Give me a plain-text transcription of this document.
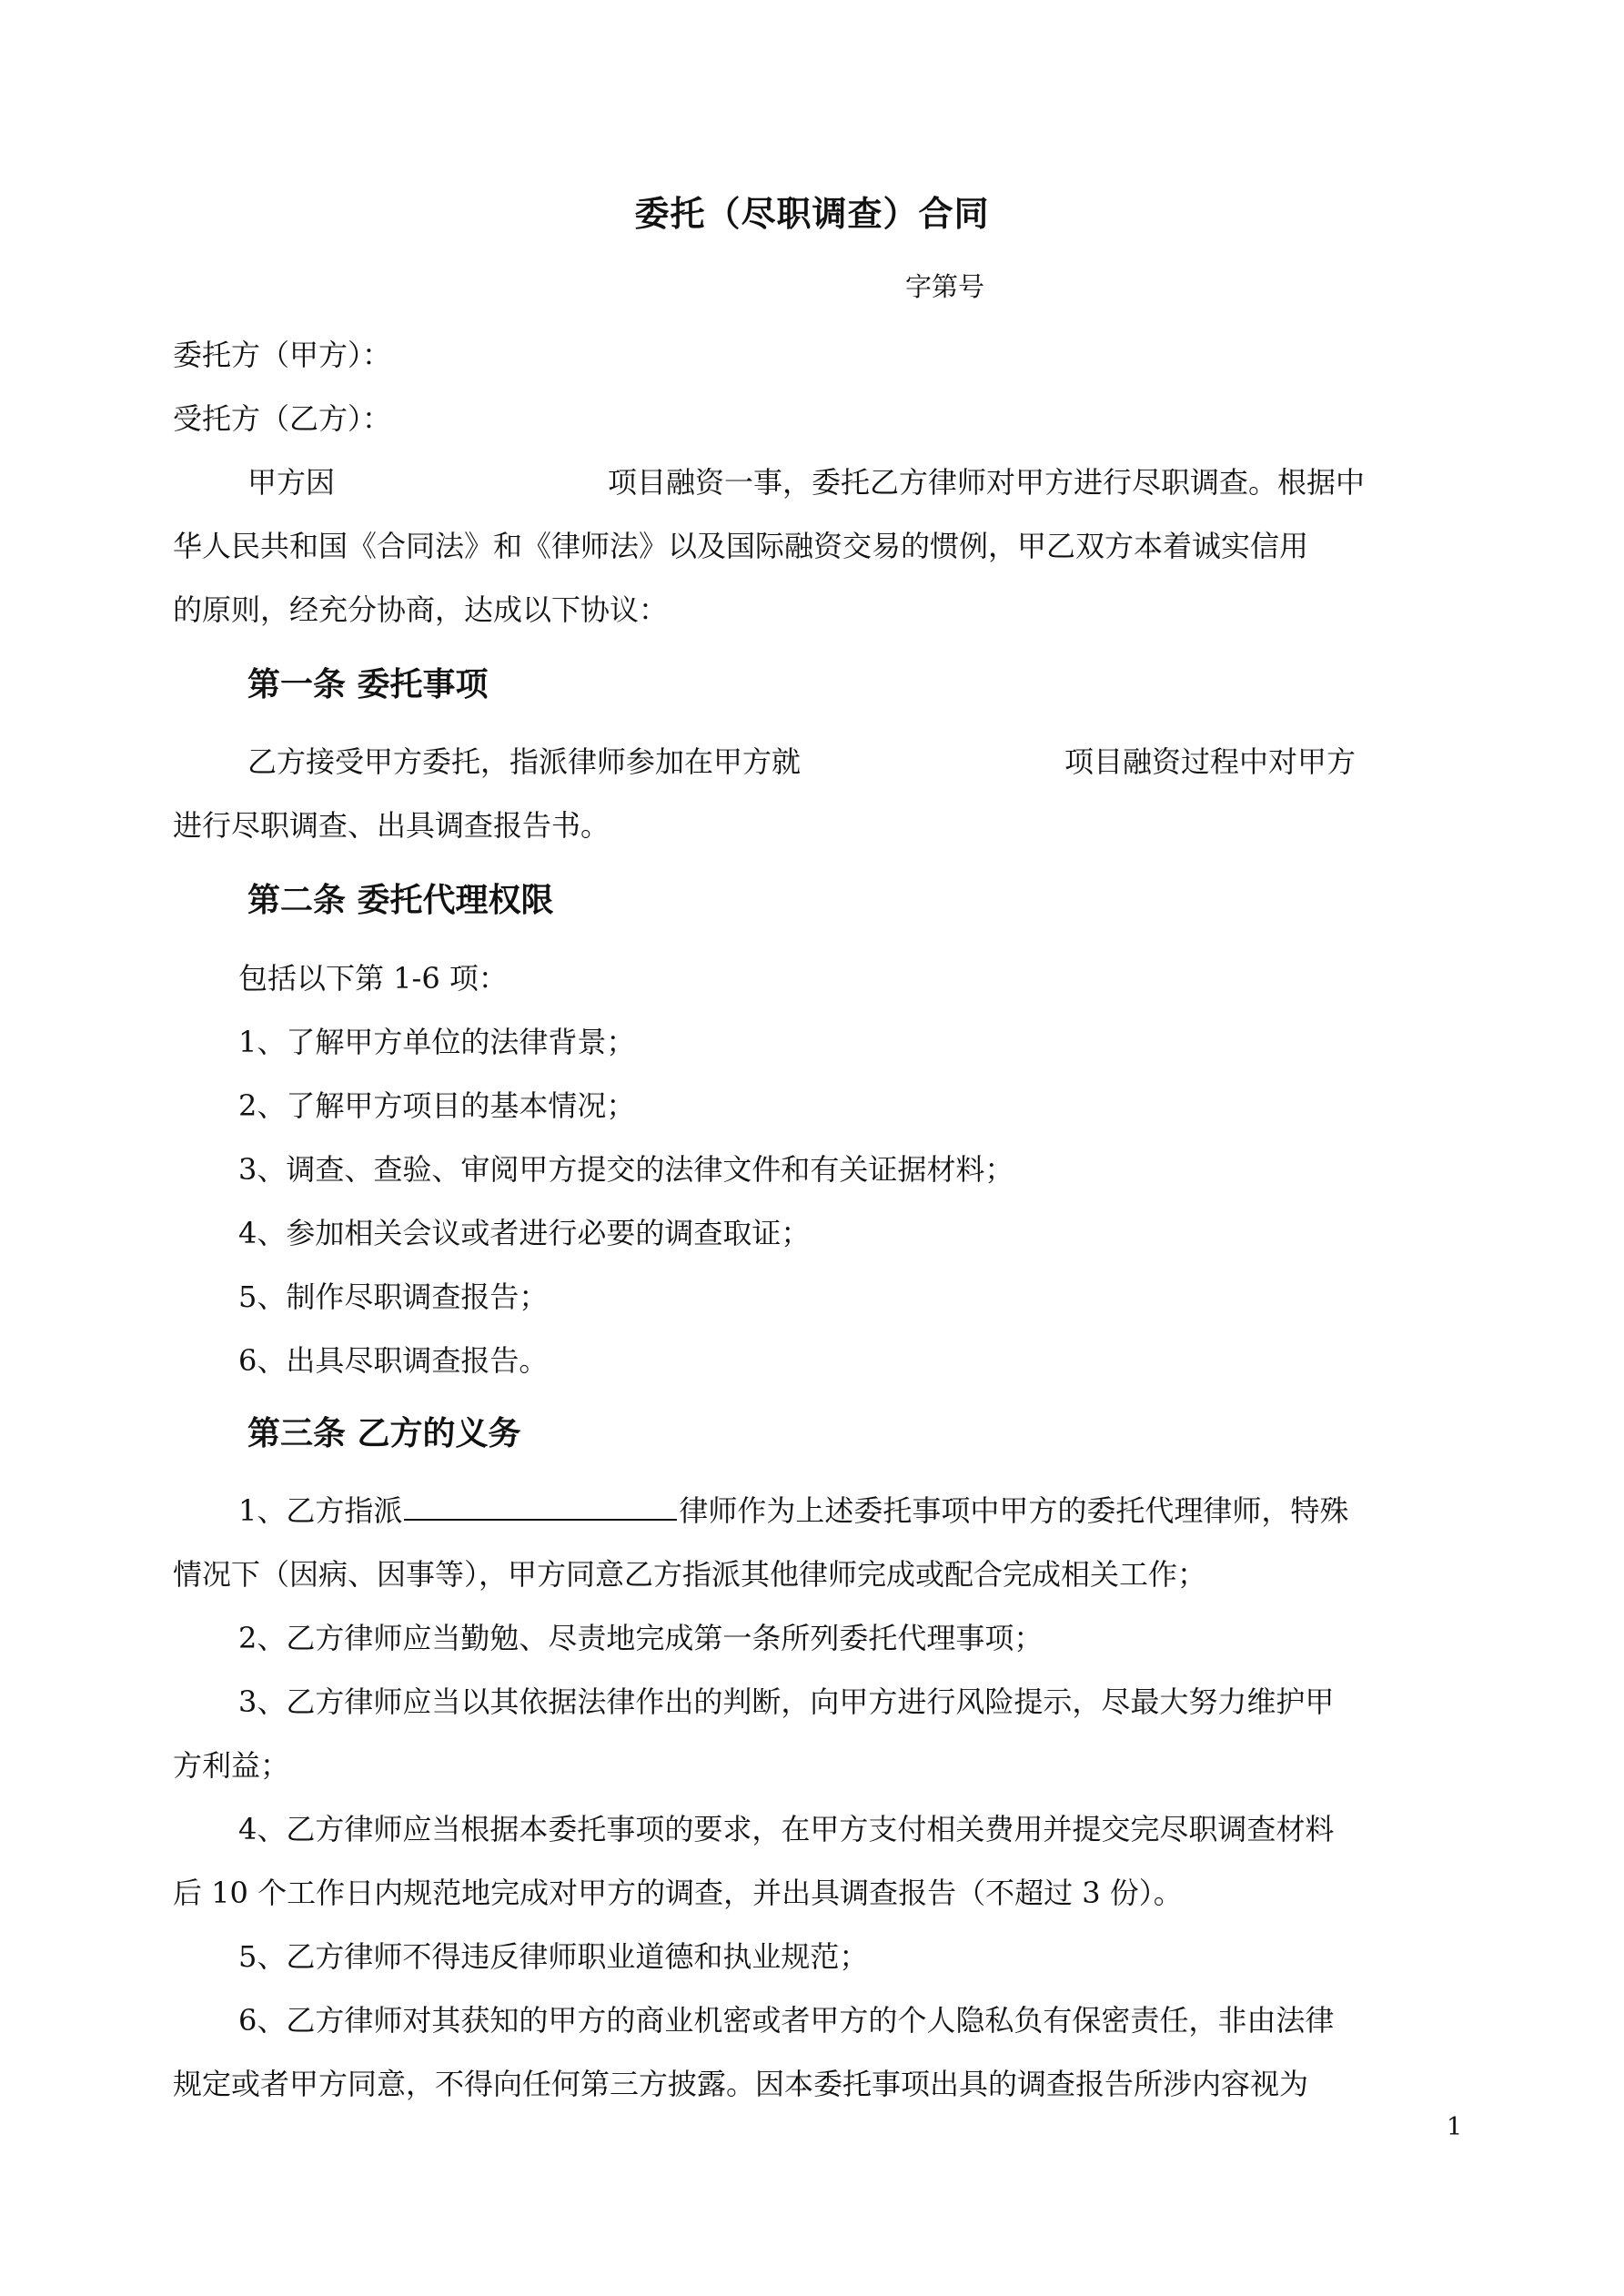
委托（尽职调查）合同
字第号
委托方（甲方）：
受托方（乙方）：
甲方因	项目融资一事，委托乙方律师对甲方进行尽职调查。根据中
华人民共和国《合同法》和《律师法》以及国际融资交易的惯例，甲乙双方本着诚实信用
的原则，经充分协商，达成以下协议：
第一条 委托事项
乙方接受甲方委托，指派律师参加在甲方就	项目融资过程中对甲方
进行尽职调查、出具调查报告书。
第二条 委托代理权限
包括以下第 1-6 项：
1、了解甲方单位的法律背景；
2、了解甲方项目的基本情况；
3、调查、查验、审阅甲方提交的法律文件和有关证据材料；
4、参加相关会议或者进行必要的调查取证；
5、制作尽职调查报告；
6、出具尽职调查报告。
第三条 乙方的义务
1、乙方指派	律师作为上述委托事项中甲方的委托代理律师，特殊
情况下（因病、因事等），甲方同意乙方指派其他律师完成或配合完成相关工作；
2、乙方律师应当勤勉、尽责地完成第一条所列委托代理事项；
3、乙方律师应当以其依据法律作出的判断，向甲方进行风险提示，尽最大努力维护甲
方利益；
4、乙方律师应当根据本委托事项的要求，在甲方支付相关费用并提交完尽职调查材料
后 10 个工作日内规范地完成对甲方的调查，并出具调查报告（不超过 3 份）。
5、乙方律师不得违反律师职业道德和执业规范；
6、乙方律师对其获知的甲方的商业机密或者甲方的个人隐私负有保密责任，非由法律
规定或者甲方同意，不得向任何第三方披露。因本委托事项出具的调查报告所涉内容视为
1
